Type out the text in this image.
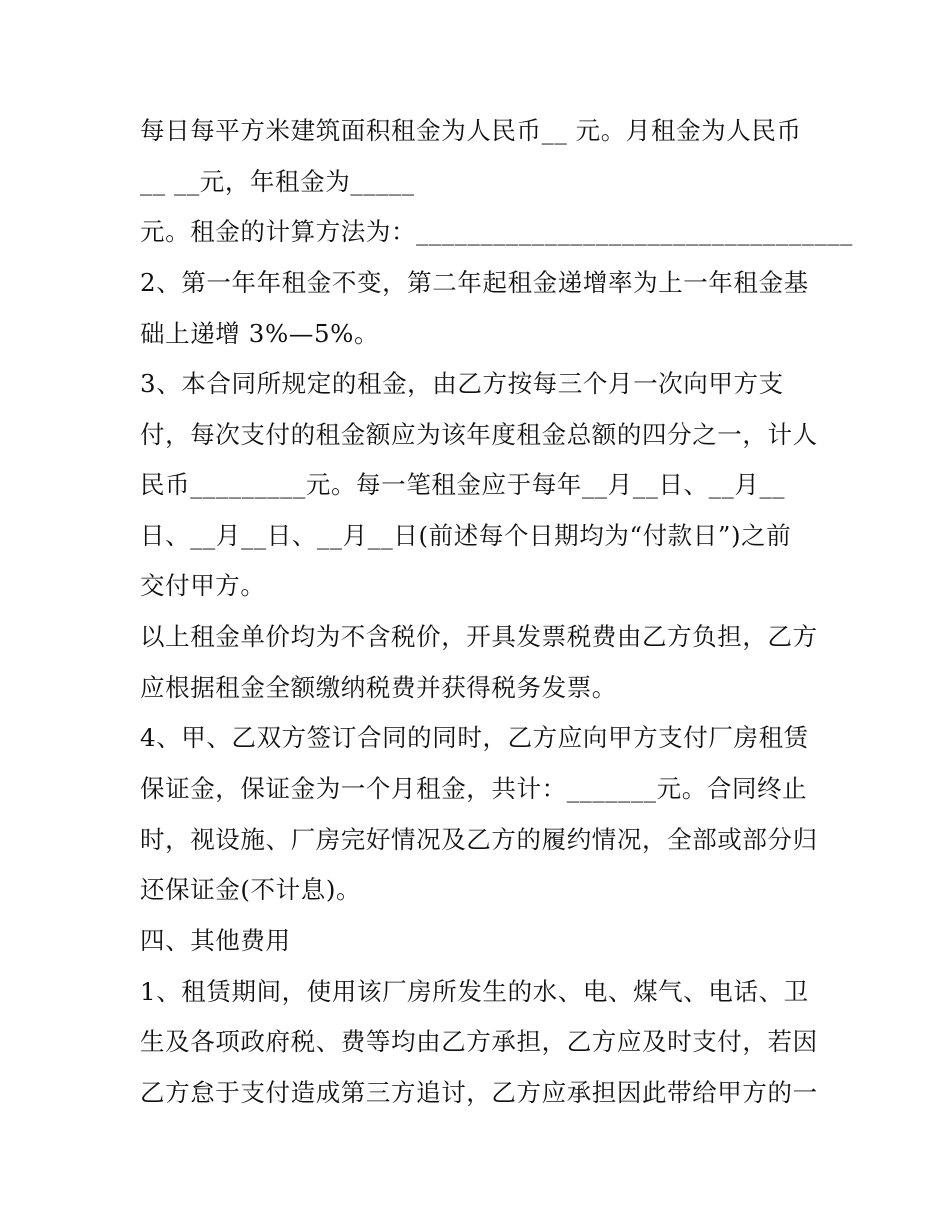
每日每平方米建筑面积租金为人民币__ 元。月租金为人民币

__ __元，年租金为_____

元。租金的计算方法为：__________________________________

2、第一年年租金不变，第二年起租金递增率为上一年租金基

础上递增 3%—5%。

3、本合同所规定的租金，由乙方按每三个月一次向甲方支

付，每次支付的租金额应为该年度租金总额的四分之一，计人

民币_________元。每一笔租金应于每年__月__日、__月__

日、__月__日、__月__日(前述每个日期均为“付款日”)之前

交付甲方。

以上租金单价均为不含税价，开具发票税费由乙方负担，乙方

应根据租金全额缴纳税费并获得税务发票。

4、甲、乙双方签订合同的同时，乙方应向甲方支付厂房租赁

保证金，保证金为一个月租金，共计：_______元。合同终止

时，视设施、厂房完好情况及乙方的履约情况，全部或部分归

还保证金(不计息)。

四、其他费用

1、租赁期间，使用该厂房所发生的水、电、煤气、电话、卫

生及各项政府税、费等均由乙方承担，乙方应及时支付，若因

乙方怠于支付造成第三方追讨，乙方应承担因此带给甲方的一
